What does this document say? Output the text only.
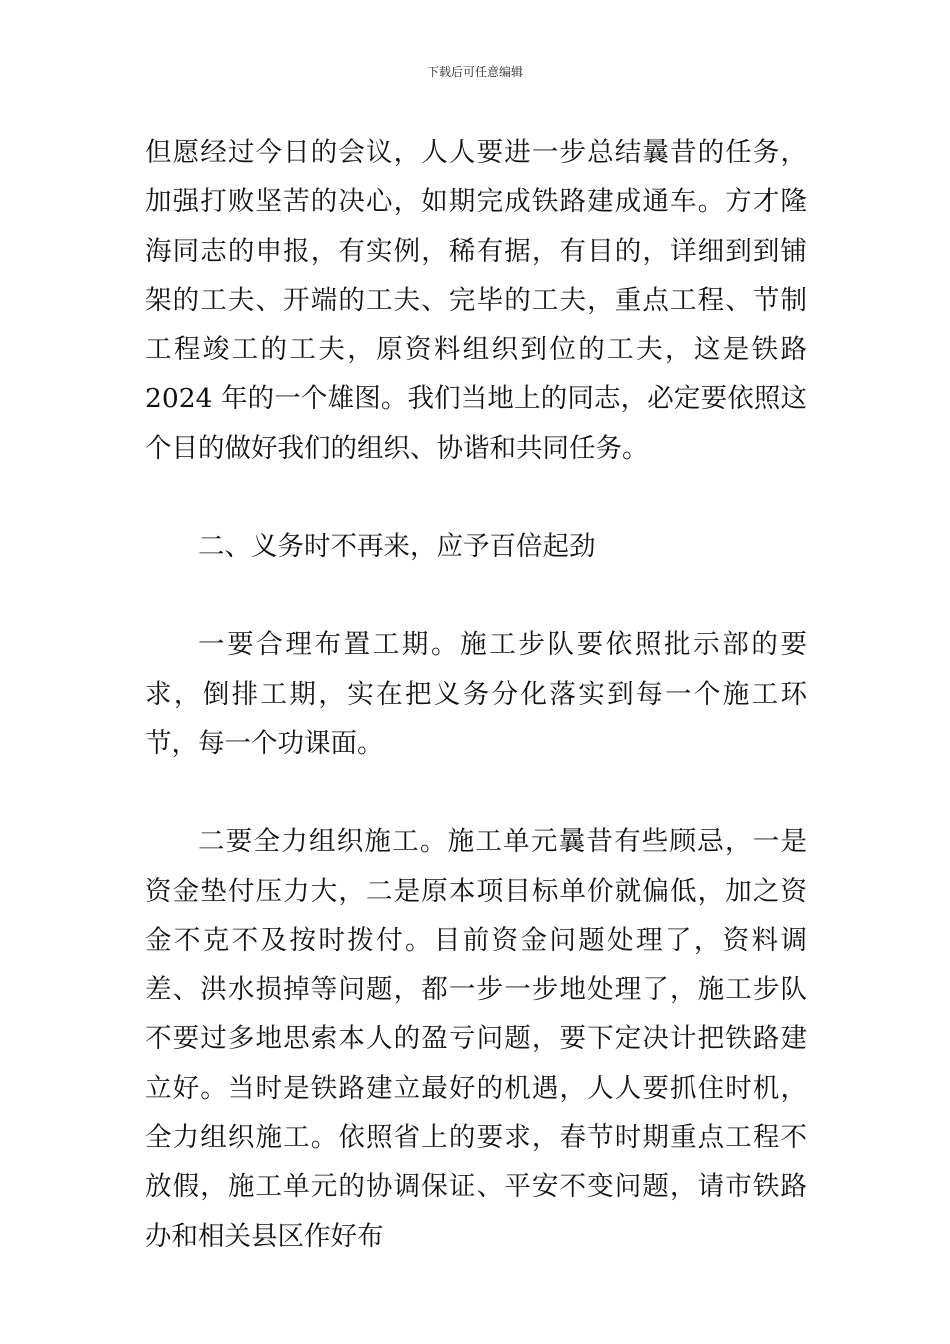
下载后可任意编辑

但愿经过今日的会议，人人要进一步总结曩昔的任务，加强打败坚苦的决心，如期完成铁路建成通车。方才隆海同志的申报，有实例，稀有据，有目的，详细到到铺架的工夫、开端的工夫、完毕的工夫，重点工程、节制工程竣工的工夫，原资料组织到位的工夫，这是铁路 2024 年的一个雄图。我们当地上的同志，必定要依照这个目的做好我们的组织、协谐和共同任务。

二、义务时不再来，应予百倍起劲

一要合理布置工期。施工步队要依照批示部的要求，倒排工期，实在把义务分化落实到每一个施工环节，每一个功课面。

二要全力组织施工。施工单元曩昔有些顾忌，一是资金垫付压力大，二是原本项目标单价就偏低，加之资金不克不及按时拨付。目前资金问题处理了，资料调差、洪水损掉等问题，都一步一步地处理了，施工步队不要过多地思索本人的盈亏问题，要下定决计把铁路建立好。当时是铁路建立最好的机遇，人人要抓住时机，全力组织施工。依照省上的要求，春节时期重点工程不放假，施工单元的协调保证、平安不变问题，请市铁路办和相关县区作好布
